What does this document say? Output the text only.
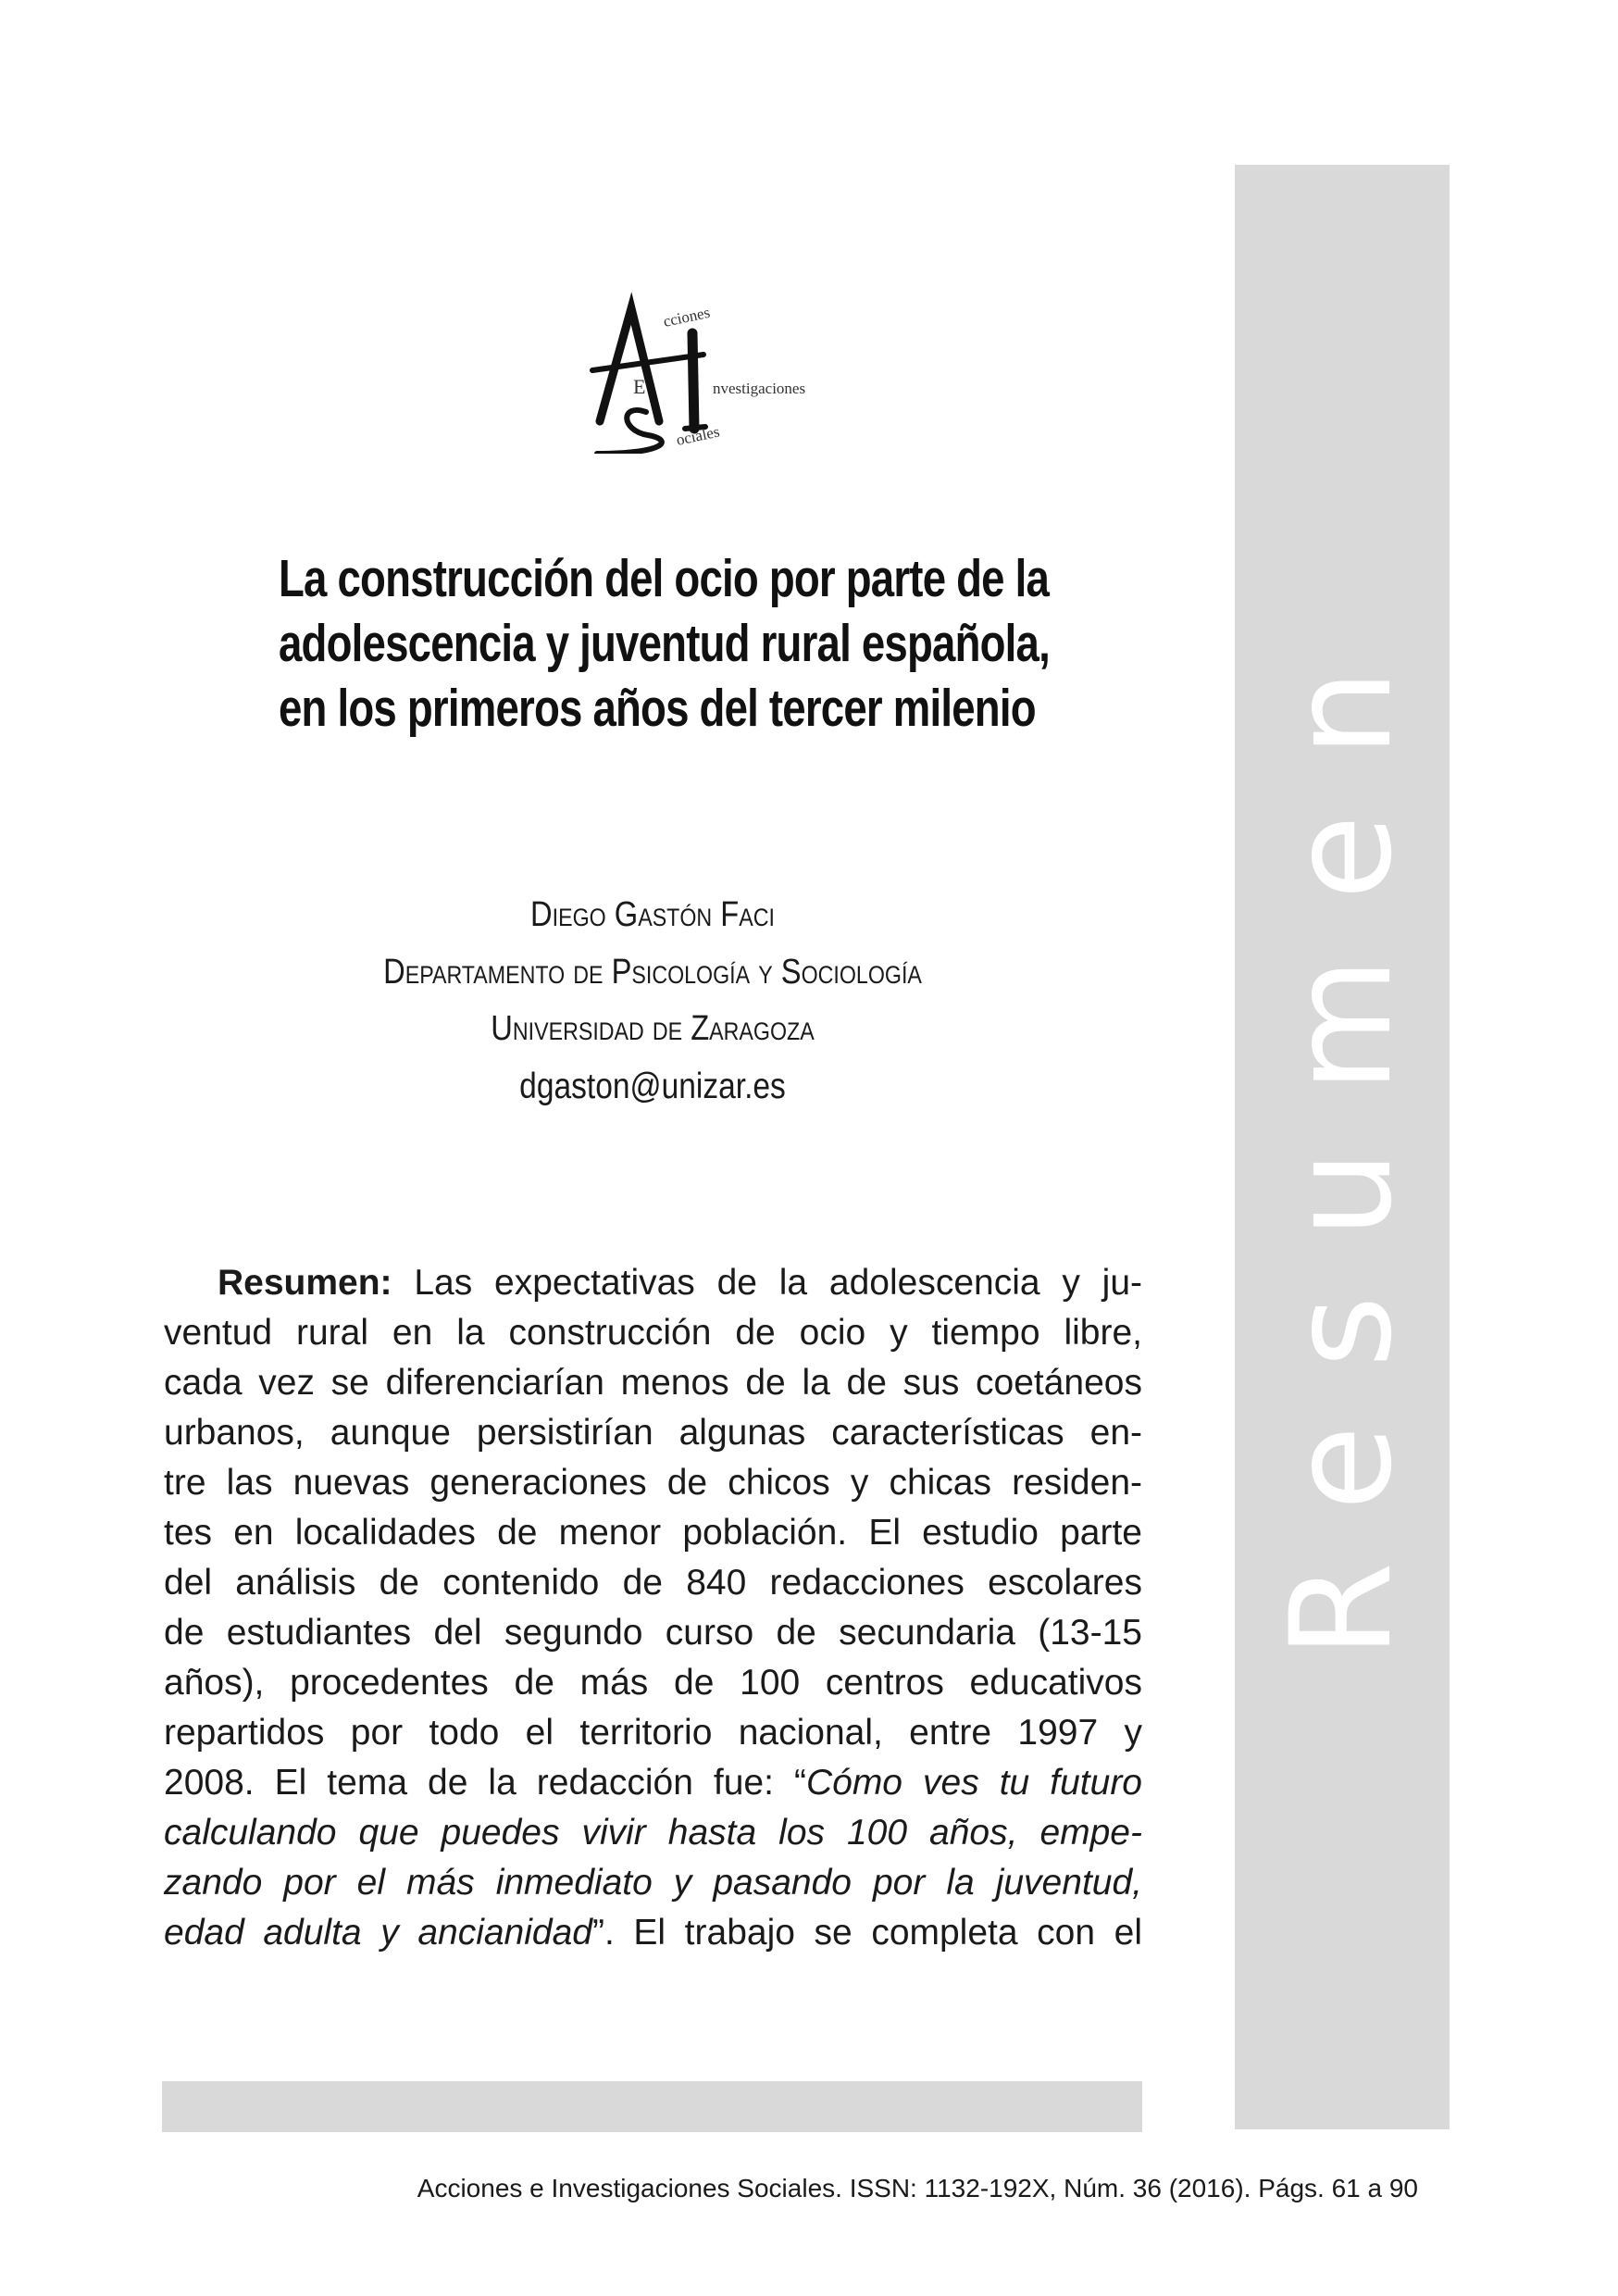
E
cciones
nvestigaciones
ociales
La construcción del ocio por parte de la
adolescencia y juventud rural española,
en los primeros años del tercer milenio
Diego Gastón Faci
Departamento de Psicología y Sociología
Universidad de Zaragoza
dgaston@unizar.es
Resumen: Las expectativas de la adolescencia y ju-
ventud rural en la construcción de ocio y tiempo libre,
cada vez se diferenciarían menos de la de sus coetáneos
urbanos, aunque persistirían algunas características en-
tre las nuevas generaciones de chicos y chicas residen-
tes en localidades de menor población. El estudio parte
del análisis de contenido de 840 redacciones escolares
de estudiantes del segundo curso de secundaria (13-15
años), procedentes de más de 100 centros educativos
repartidos por todo el territorio nacional, entre 1997 y
2008. El tema de la redacción fue: “Cómo ves tu futuro
calculando que puedes vivir hasta los 100 años, empe-
zando por el más inmediato y pasando por la juventud,
edad adulta y ancianidad”. El trabajo se completa con el
Resumen
Acciones e Investigaciones Sociales. ISSN: 1132-192X, Núm. 36 (2016). Págs. 61 a 90
